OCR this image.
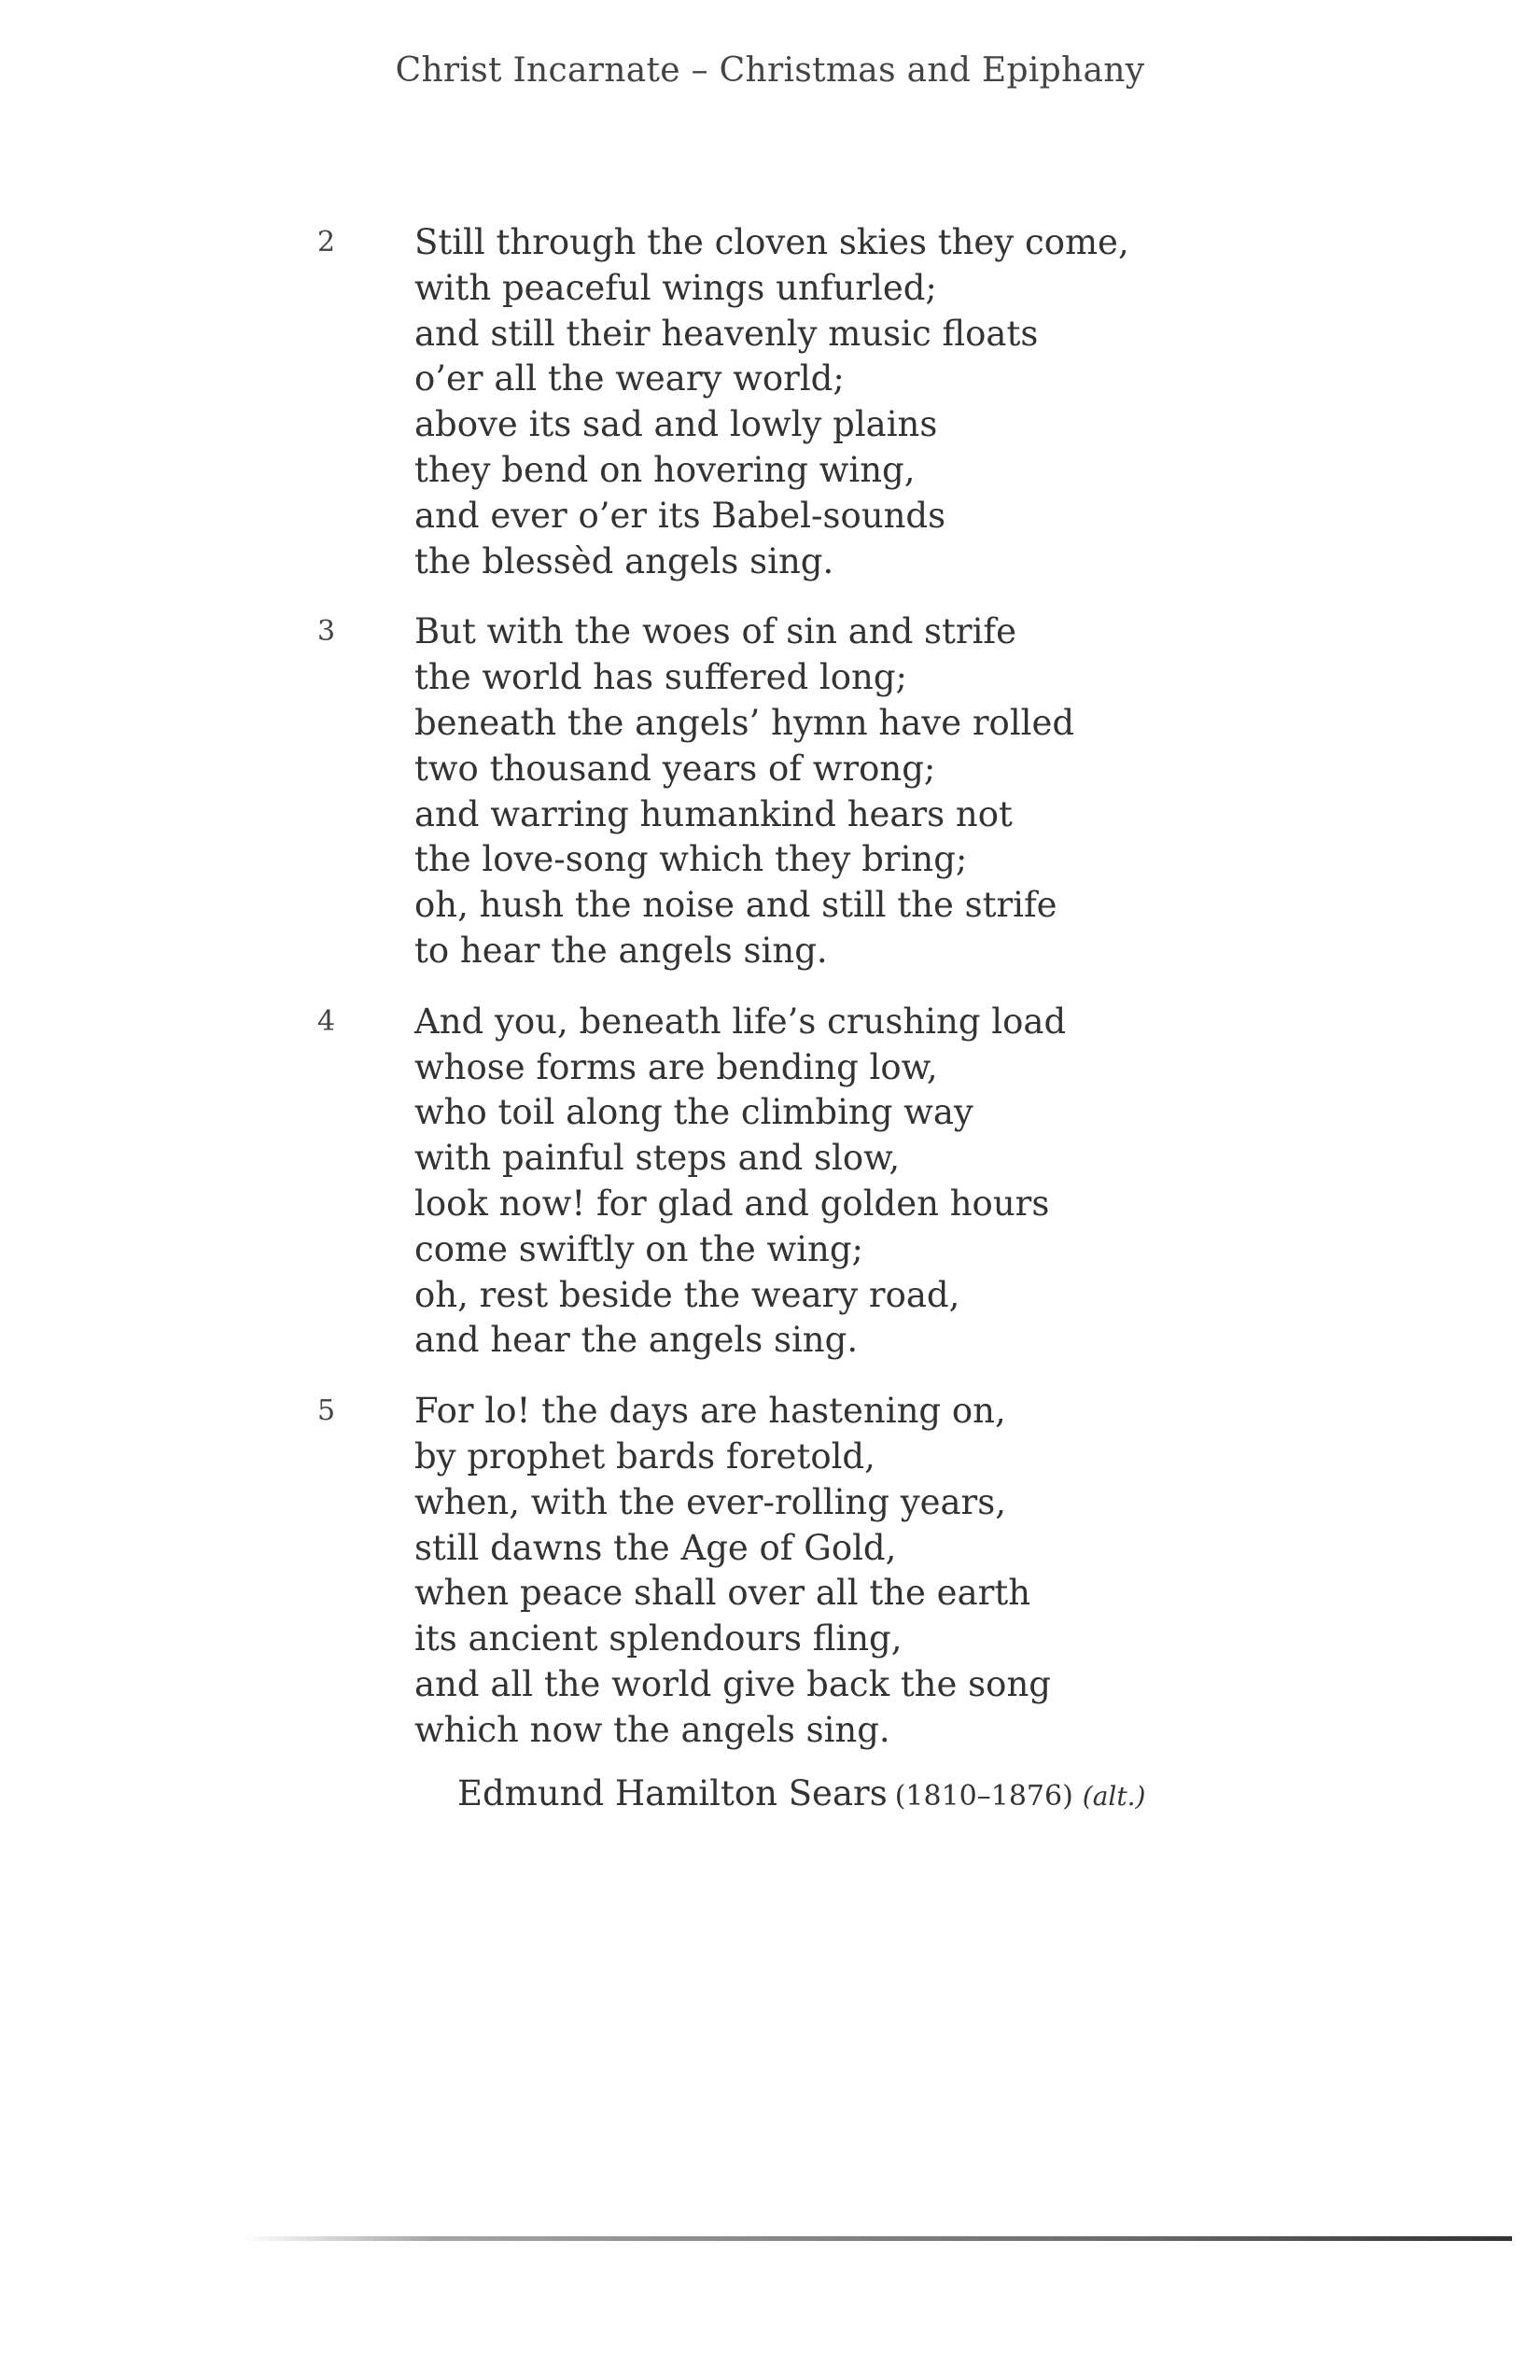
Christ Incarnate – Christmas and Epiphany
2 Still through the cloven skies they come,
with peaceful wings unfurled;
and still their heavenly music floats
o’er all the weary world;
above its sad and lowly plains
they bend on hovering wing,
and ever o’er its Babel-sounds
the blessèd angels sing.
3 But with the woes of sin and strife
the world has suffered long;
beneath the angels’ hymn have rolled
two thousand years of wrong;
and warring humankind hears not
the love-song which they bring;
oh, hush the noise and still the strife
to hear the angels sing.
4 And you, beneath life’s crushing load
whose forms are bending low,
who toil along the climbing way
with painful steps and slow,
look now! for glad and golden hours
come swiftly on the wing;
oh, rest beside the weary road,
and hear the angels sing.
5 For lo! the days are hastening on,
by prophet bards foretold,
when, with the ever-rolling years,
still dawns the Age of Gold,
when peace shall over all the earth
its ancient splendours fling,
and all the world give back the song
which now the angels sing.
Edmund Hamilton Sears (1810–1876) (alt.)
